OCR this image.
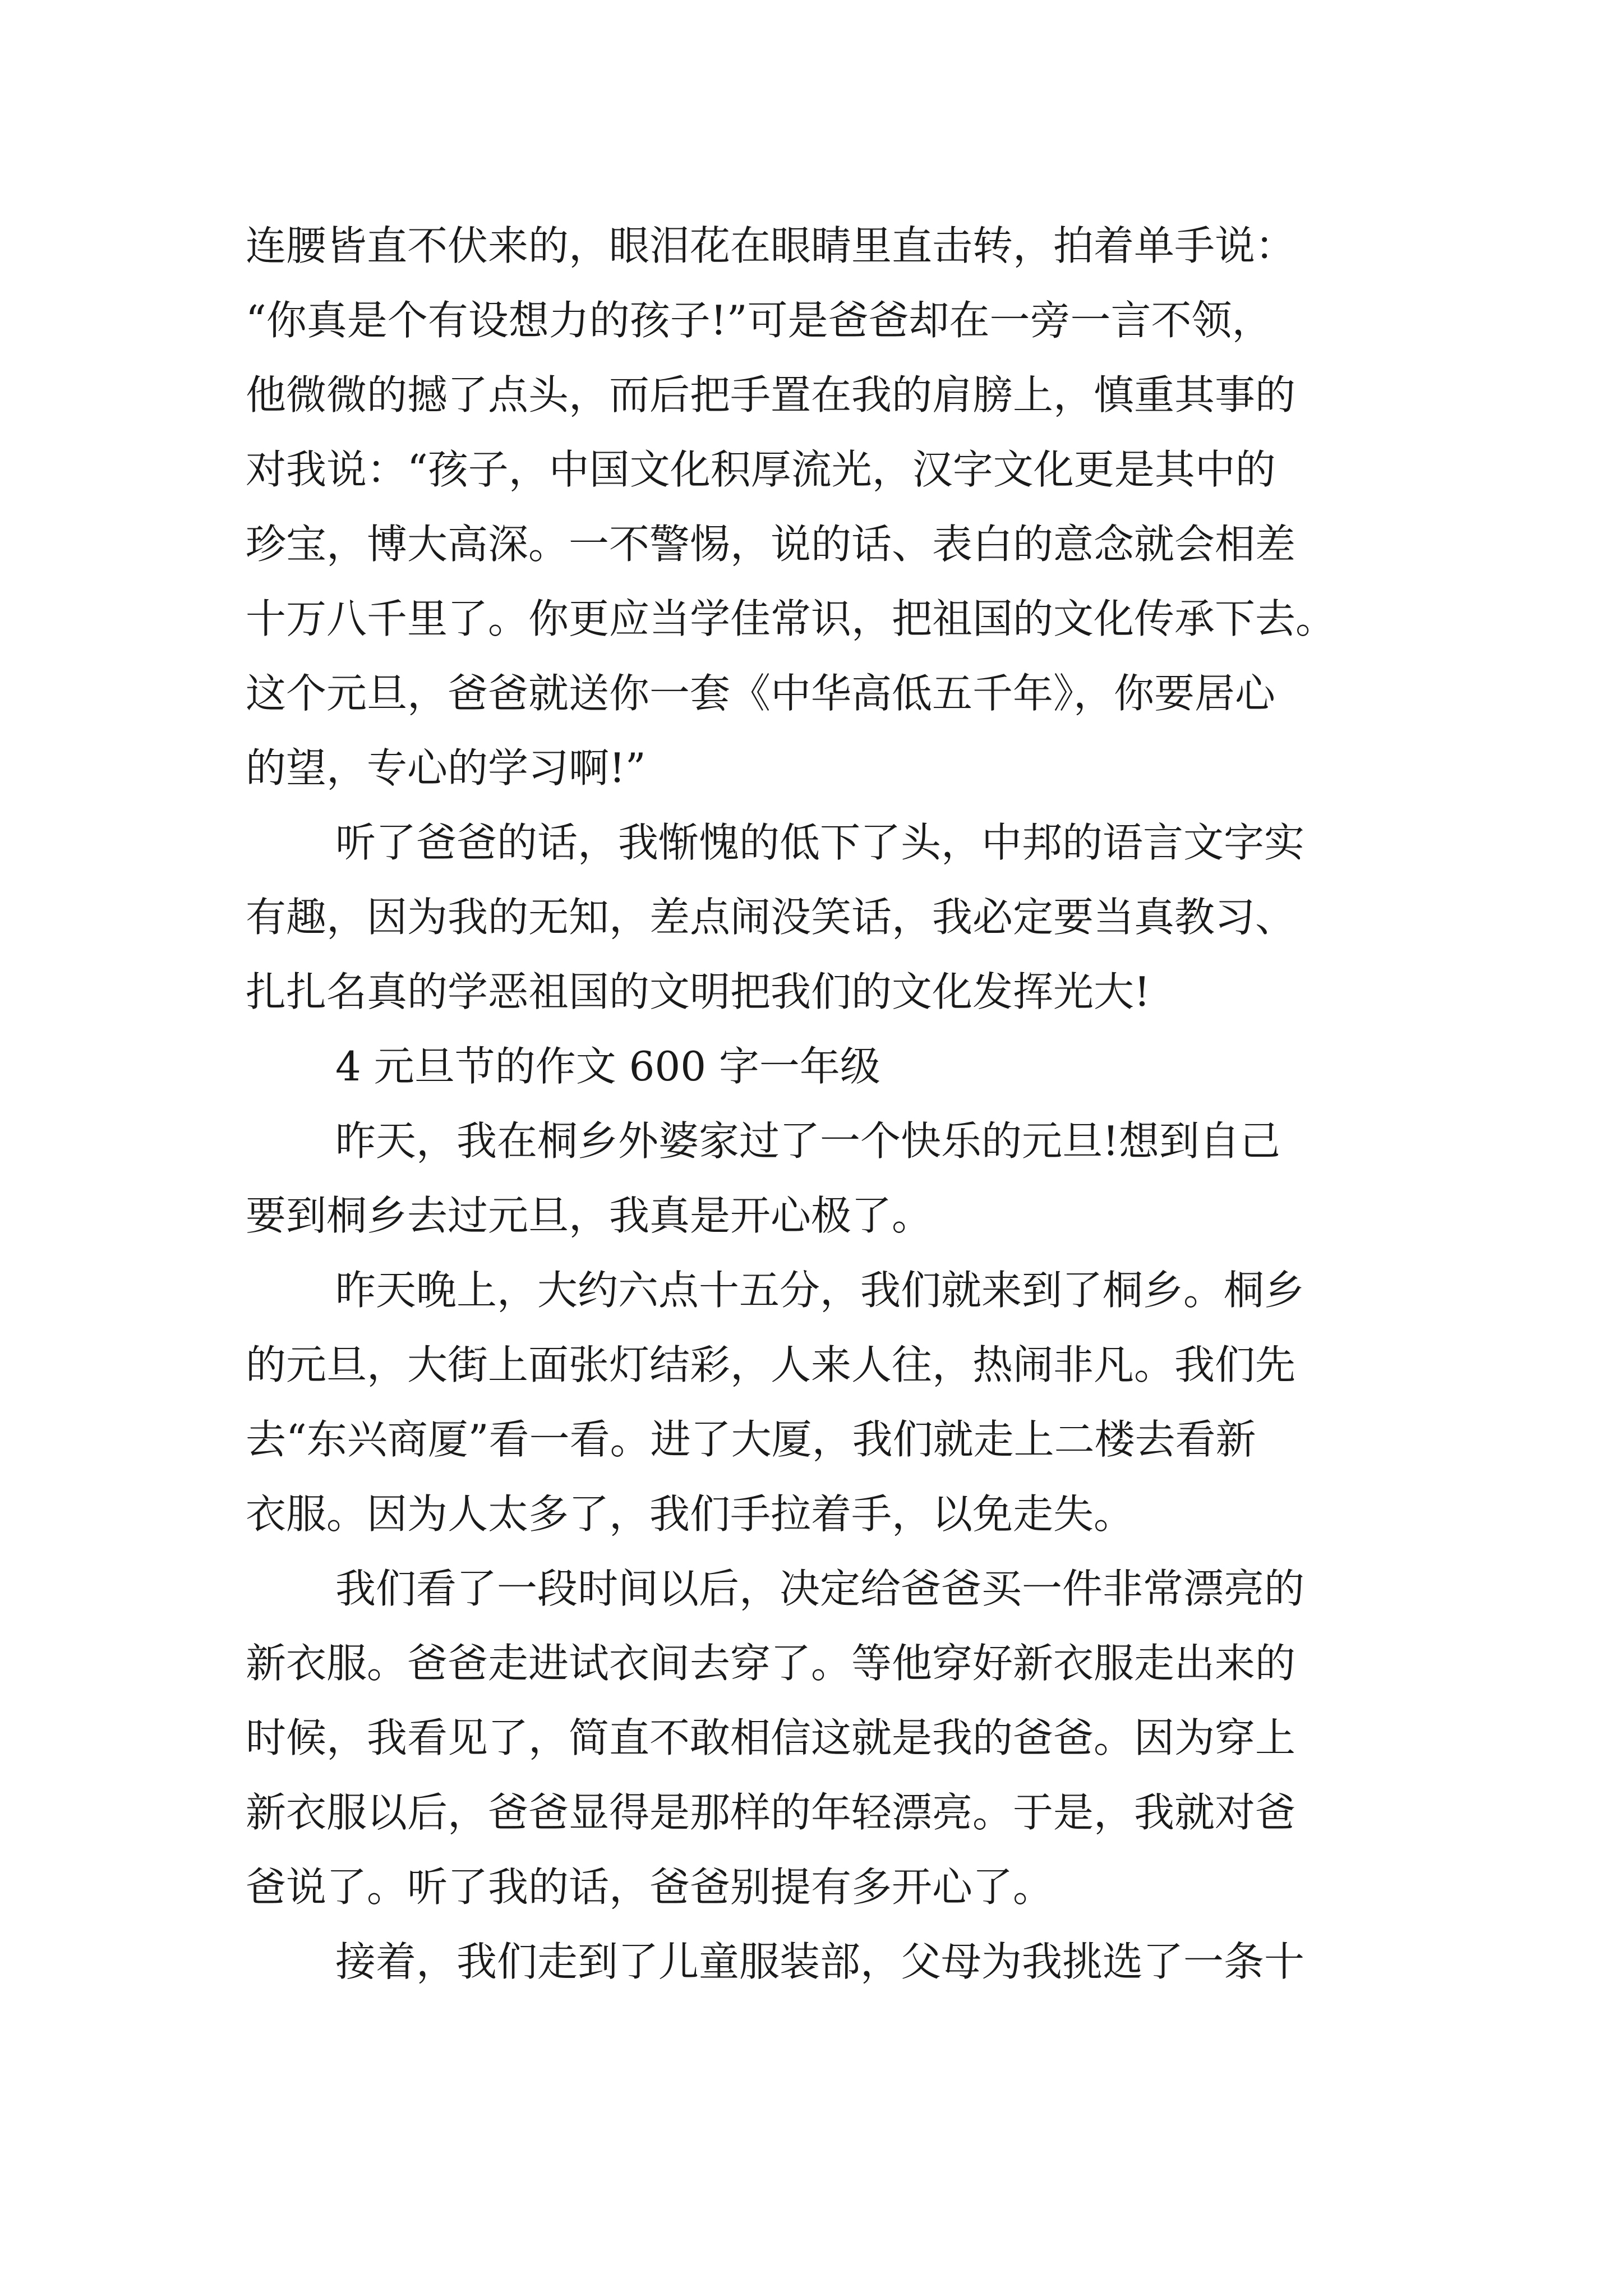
连腰皆直不伏来的，眼泪花在眼睛里直击转，拍着单手说：
“你真是个有设想力的孩子!”可是爸爸却在一旁一言不领，
他微微的撼了点头，而后把手置在我的肩膀上，慎重其事的
对我说：“孩子，中国文化积厚流光，汉字文化更是其中的
珍宝，博大高深。一不警惕，说的话、表白的意念就会相差
十万八千里了。你更应当学佳常识，把祖国的文化传承下去。
这个元旦，爸爸就送你一套《中华高低五千年》，你要居心
的望，专心的学习啊!”
听了爸爸的话，我惭愧的低下了头，中邦的语言文字实
有趣，因为我的无知，差点闹没笑话，我必定要当真教习、
扎扎名真的学恶祖国的文明把我们的文化发挥光大!
4 元旦节的作文 600 字一年级
昨天，我在桐乡外婆家过了一个快乐的元旦!想到自己
要到桐乡去过元旦，我真是开心极了。
昨天晚上，大约六点十五分，我们就来到了桐乡。桐乡
的元旦，大街上面张灯结彩，人来人往，热闹非凡。我们先
去“东兴商厦”看一看。进了大厦，我们就走上二楼去看新
衣服。因为人太多了，我们手拉着手，以免走失。
我们看了一段时间以后，决定给爸爸买一件非常漂亮的
新衣服。爸爸走进试衣间去穿了。等他穿好新衣服走出来的
时候，我看见了，简直不敢相信这就是我的爸爸。因为穿上
新衣服以后，爸爸显得是那样的年轻漂亮。于是，我就对爸
爸说了。听了我的话，爸爸别提有多开心了。
接着，我们走到了儿童服装部，父母为我挑选了一条十
